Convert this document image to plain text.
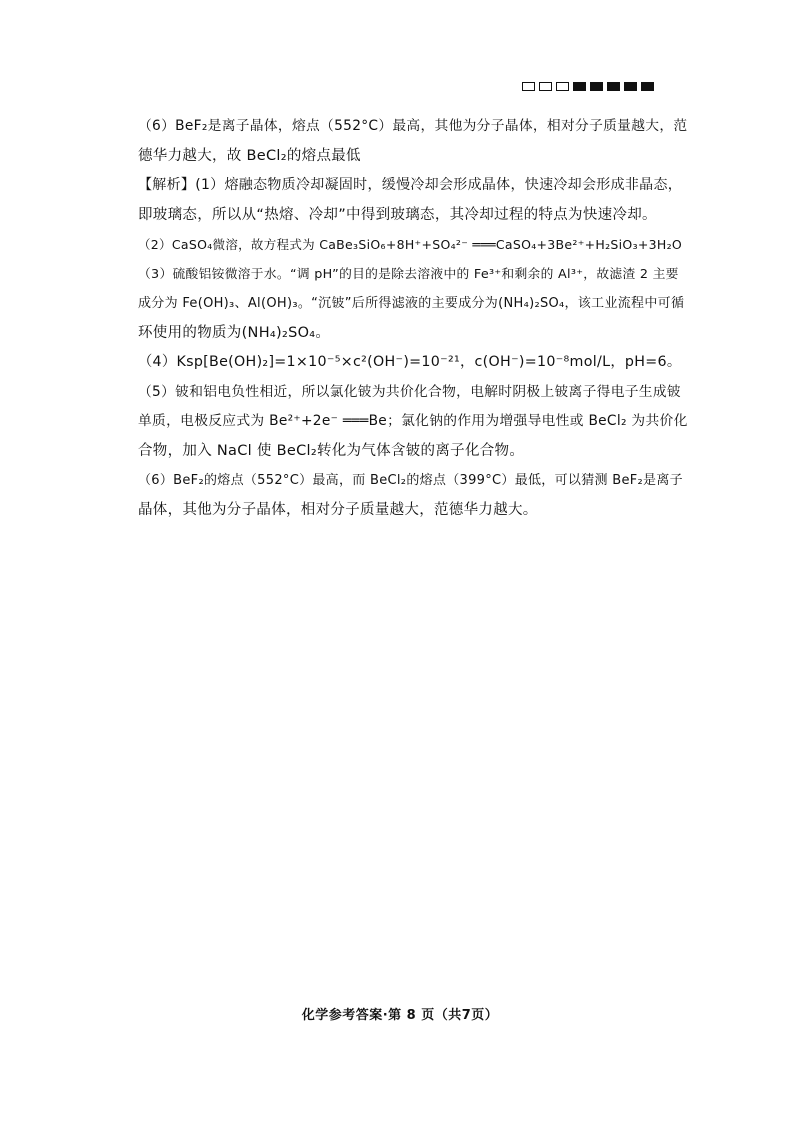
（6）BeF₂是离子晶体，熔点（552°C）最高，其他为分子晶体，相对分子质量越大，范
德华力越大，故 BeCl₂的熔点最低

【解析】(1）熔融态物质冷却凝固时，缓慢冷却会形成晶体，快速冷却会形成非晶态，
即玻璃态，所以从“热熔、冷却”中得到玻璃态，其冷却过程的特点为快速冷却。

（2）CaSO₄微溶，故方程式为 CaBe₃SiO₆+8H⁺+SO₄²⁻ ═══CaSO₄+3Be²⁺+H₂SiO₃+3H₂O

（3）硫酸铝铵微溶于水。“调 pH”的目的是除去溶液中的 Fe³⁺和剩余的 Al³⁺，故滤渣 2 主要
成分为 Fe(OH)₃、Al(OH)₃。“沉铍”后所得滤液的主要成分为(NH₄)₂SO₄，该工业流程中可循
环使用的物质为(NH₄)₂SO₄。

（4）Ksp[Be(OH)₂]=1×10⁻⁵×c²(OH⁻)=10⁻²¹，c(OH⁻)=10⁻⁸mol/L，pH=6。

（5）铍和铝电负性相近，所以氯化铍为共价化合物，电解时阴极上铍离子得电子生成铍
单质，电极反应式为 Be²⁺+2e⁻ ═══Be；氯化钠的作用为增强导电性或 BeCl₂ 为共价化
合物，加入 NaCl 使 BeCl₂转化为气体含铍的离子化合物。

（6）BeF₂的熔点（552°C）最高，而 BeCl₂的熔点（399°C）最低，可以猜测 BeF₂是离子
晶体，其他为分子晶体，相对分子质量越大，范德华力越大。

化学参考答案·第 8 页（共7页）
